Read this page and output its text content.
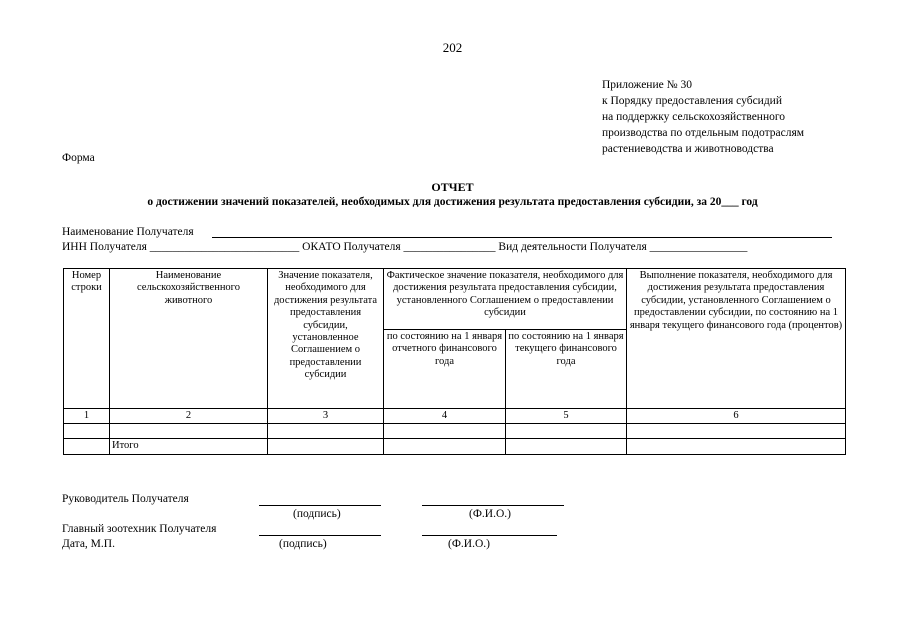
202
Приложение № 30
к Порядку предоставления субсидий
на поддержку сельскохозяйственного
производства по отдельным подотраслям
растениеводства и животноводства
Форма
ОТЧЕТ
о достижении значений показателей, необходимых для достижения результата предоставления субсидии, за 20___ год
Наименование Получателя
ИНН Получателя __________________________ ОКАТО Получателя ________________ Вид деятельности Получателя _________________
Номер строки	Наименование сельскохозяйственного животного	Значение показателя, необходимого для достижения результата предоставления субсидии, установленное Соглашением о предоставлении субсидии	Фактическое значение показателя, необходимого для достижения результата предоставления субсидии, установленного Соглашением о предоставлении субсидии		Выполнение показателя, необходимого для достижения результата предоставления субсидии, установленного Соглашением о предоставлении субсидии, по состоянию на 1 января текущего финансового года (процентов)
			по состоянию на 1 января отчетного финансового года	по состоянию на 1 января текущего финансового года	
1	2	3	4	5	6

	Итого				
Руководитель Получателя
(подпись)	(Ф.И.О.)
Главный зоотехник Получателя
Дата, М.П.	(подпись)	(Ф.И.О.)
